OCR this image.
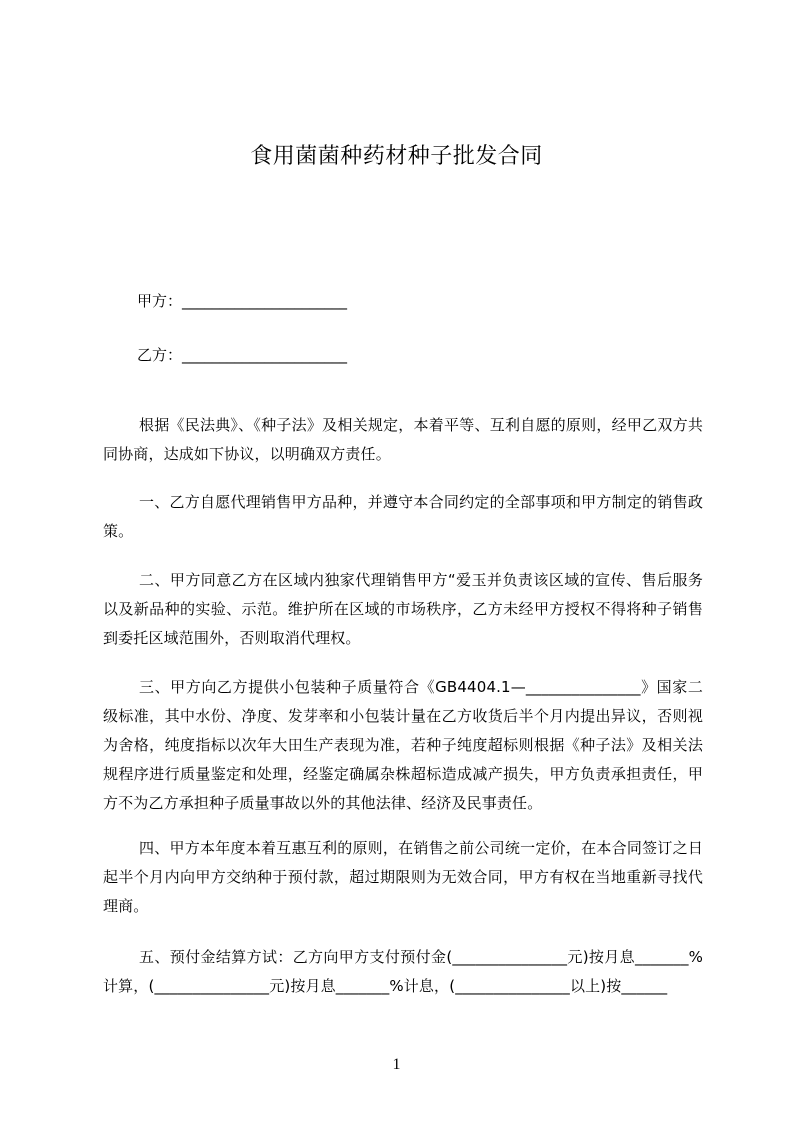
食用菌菌种药材种子批发合同
甲方：______________________
乙方：______________________

根据《民法典》、《种子法》及相关规定，本着平等、互利自愿的原则，经甲乙双方共同协商，达成如下协议，以明确双方责任。

一、乙方自愿代理销售甲方品种，并遵守本合同约定的全部事项和甲方制定的销售政策。

二、甲方同意乙方在区域内独家代理销售甲方“爱玉并负责该区域的宣传、售后服务以及新品种的实验、示范。维护所在区域的市场秩序，乙方未经甲方授权不得将种子销售到委托区域范围外，否则取消代理权。

三、甲方向乙方提供小包装种子质量符合《GB4404.1—_______________》国家二级标准，其中水份、净度、发芽率和小包装计量在乙方收货后半个月内提出异议，否则视为舍格，纯度指标以次年大田生产表现为准，若种子纯度超标则根据《种子法》及相关法规程序进行质量鉴定和处理，经鉴定确属杂株超标造成减产损失，甲方负责承担责任，甲方不为乙方承担种子质量事故以外的其他法律、经济及民事责任。

四、甲方本年度本着互惠互利的原则，在销售之前公司统一定价，在本合同签订之日起半个月内向甲方交纳种于预付款，超过期限则为无效合同，甲方有权在当地重新寻找代理商。

五、预付金结算方试：乙方向甲方支付预付金(_______________元)按月息_______%计算，(_______________元)按月息_______%计息，(_______________以上)按______

1
